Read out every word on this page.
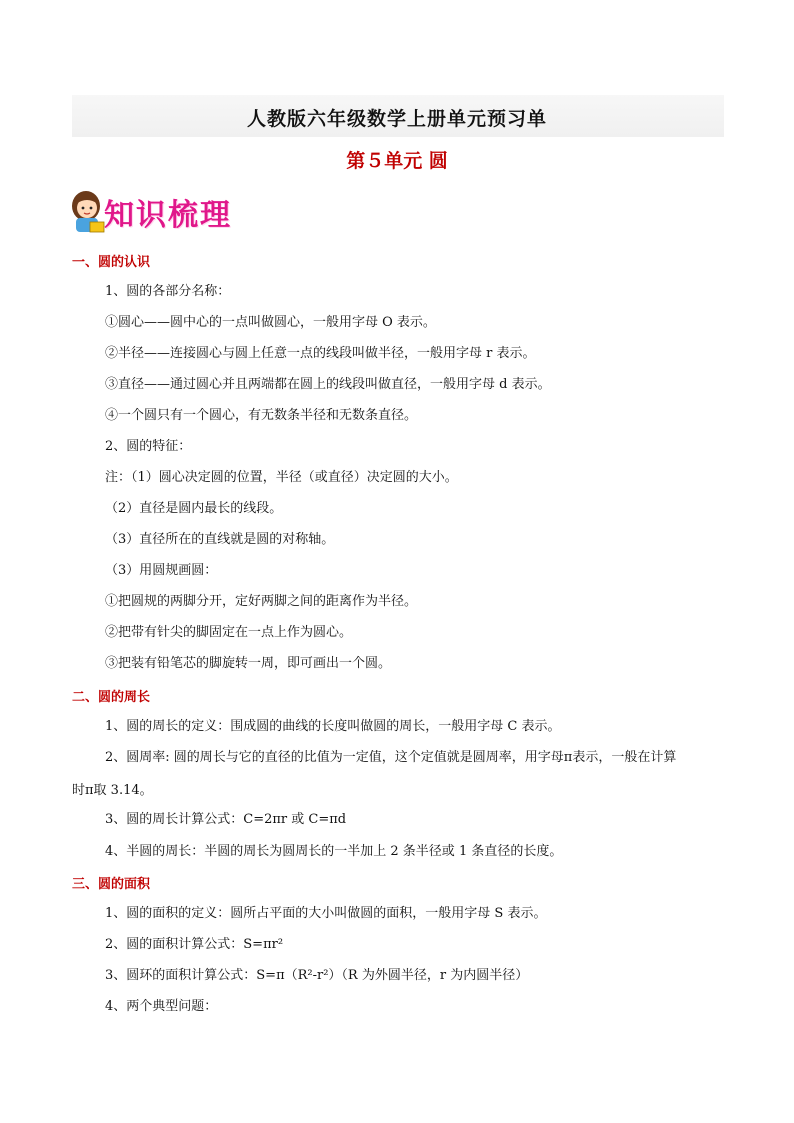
人教版六年级数学上册单元预习单
第５单元 圆
知识梳理
一、圆的认识
1、圆的各部分名称：
①圆心——圆中心的一点叫做圆心，一般用字母 O 表示。
②半径——连接圆心与圆上任意一点的线段叫做半径，一般用字母 r 表示。
③直径——通过圆心并且两端都在圆上的线段叫做直径，一般用字母 d 表示。
④一个圆只有一个圆心，有无数条半径和无数条直径。
2、圆的特征：
注：（1）圆心决定圆的位置，半径（或直径）决定圆的大小。
（2）直径是圆内最长的线段。
（3）直径所在的直线就是圆的对称轴。
（3）用圆规画圆：
①把圆规的两脚分开，定好两脚之间的距离作为半径。
②把带有针尖的脚固定在一点上作为圆心。
③把装有铅笔芯的脚旋转一周，即可画出一个圆。
二、圆的周长
1、圆的周长的定义：围成圆的曲线的长度叫做圆的周长，一般用字母 C 表示。
2、圆周率: 圆的周长与它的直径的比值为一定值，这个定值就是圆周率，用字母π表示，一般在计算
时π取 3.14。
3、圆的周长计算公式：C=2πr 或 C=πd
4、半圆的周长：半圆的周长为圆周长的一半加上 2 条半径或 1 条直径的长度。
三、圆的面积
1、圆的面积的定义：圆所占平面的大小叫做圆的面积，一般用字母 S 表示。
2、圆的面积计算公式：S=πr²
3、圆环的面积计算公式：S=π（R²-r²）（R 为外圆半径，r 为内圆半径）
4、两个典型问题：
